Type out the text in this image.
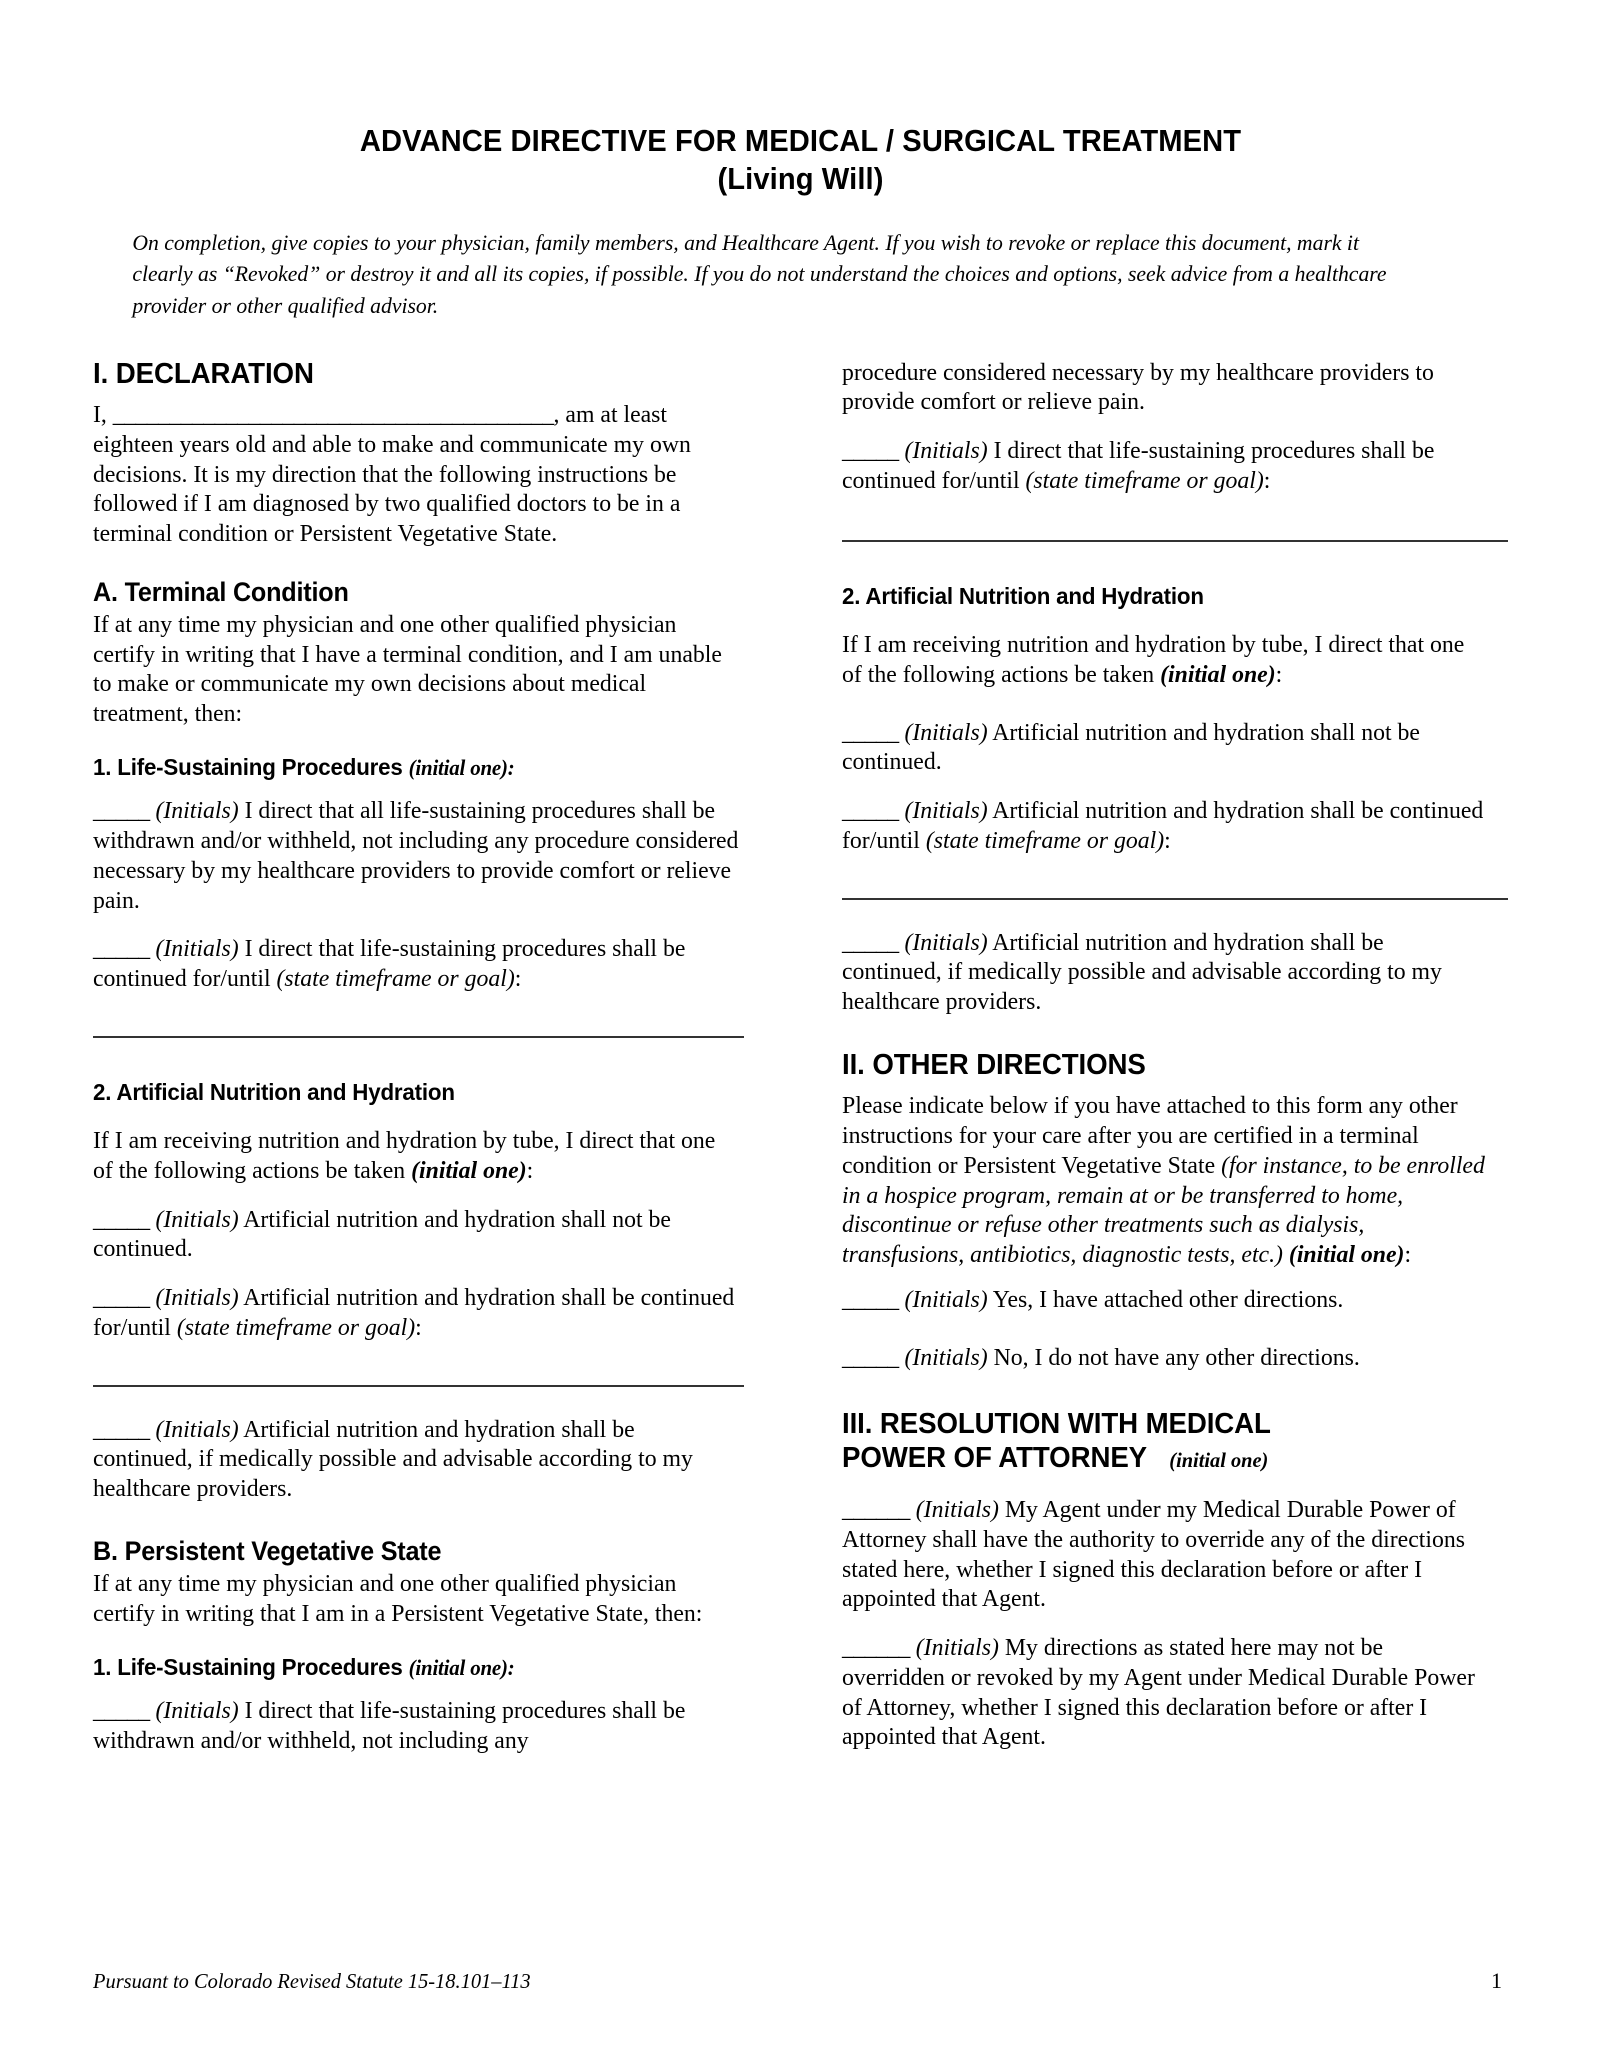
ADVANCE DIRECTIVE FOR MEDICAL / SURGICAL TREATMENT
(Living Will)
On completion, give copies to your physician, family members, and Healthcare Agent. If you wish to revoke or replace this document, mark it clearly as “Revoked” or destroy it and all its copies, if possible. If you do not understand the choices and options, seek advice from a healthcare provider or other qualified advisor.
I. DECLARATION

I, _______________________________________, am at least eighteen years old and able to make and communicate my own decisions. It is my direction that the following instructions be followed if I am diagnosed by two qualified doctors to be in a terminal condition or Persistent Vegetative State.

A. Terminal Condition

If at any time my physician and one other qualified physician certify in writing that I have a terminal condition, and I am unable to make or communicate my own decisions about medical treatment, then:

1. Life-Sustaining Procedures (initial one):

_____ (Initials) I direct that all life-sustaining procedures shall be withdrawn and/or withheld, not including any procedure considered necessary by my healthcare providers to provide comfort or relieve pain.

_____ (Initials) I direct that life-sustaining procedures shall be continued for/until (state timeframe or goal):

2. Artificial Nutrition and Hydration

If I am receiving nutrition and hydration by tube, I direct that one of the following actions be taken (initial one):

_____ (Initials) Artificial nutrition and hydration shall not be continued.

_____ (Initials) Artificial nutrition and hydration shall be continued for/until (state timeframe or goal):

_____ (Initials) Artificial nutrition and hydration shall be continued, if medically possible and advisable according to my healthcare providers.

B. Persistent Vegetative State

If at any time my physician and one other qualified physician certify in writing that I am in a Persistent Vegetative State, then:

1. Life-Sustaining Procedures (initial one):

_____ (Initials) I direct that life-sustaining procedures shall be withdrawn and/or withheld, not including any

procedure considered necessary by my healthcare providers to provide comfort or relieve pain.

_____ (Initials) I direct that life-sustaining procedures shall be continued for/until (state timeframe or goal):

2. Artificial Nutrition and Hydration

If I am receiving nutrition and hydration by tube, I direct that one of the following actions be taken (initial one):

_____ (Initials) Artificial nutrition and hydration shall not be continued.

_____ (Initials) Artificial nutrition and hydration shall be continued for/until (state timeframe or goal):

_____ (Initials) Artificial nutrition and hydration shall be continued, if medically possible and advisable according to my healthcare providers.

II. OTHER DIRECTIONS

Please indicate below if you have attached to this form any other instructions for your care after you are certified in a terminal condition or Persistent Vegetative State (for instance, to be enrolled in a hospice program, remain at or be transferred to home, discontinue or refuse other treatments such as dialysis, transfusions, antibiotics, diagnostic tests, etc.) (initial one):

_____ (Initials) Yes, I have attached other directions.

_____ (Initials) No, I do not have any other directions.

III. RESOLUTION WITH MEDICAL
POWER OF ATTORNEY (initial one)

______ (Initials) My Agent under my Medical Durable Power of Attorney shall have the authority to override any of the directions stated here, whether I signed this declaration before or after I appointed that Agent.

______ (Initials) My directions as stated here may not be overridden or revoked by my Agent under Medical Durable Power of Attorney, whether I signed this declaration before or after I appointed that Agent.

Pursuant to Colorado Revised Statute 15-18.101–113	1
